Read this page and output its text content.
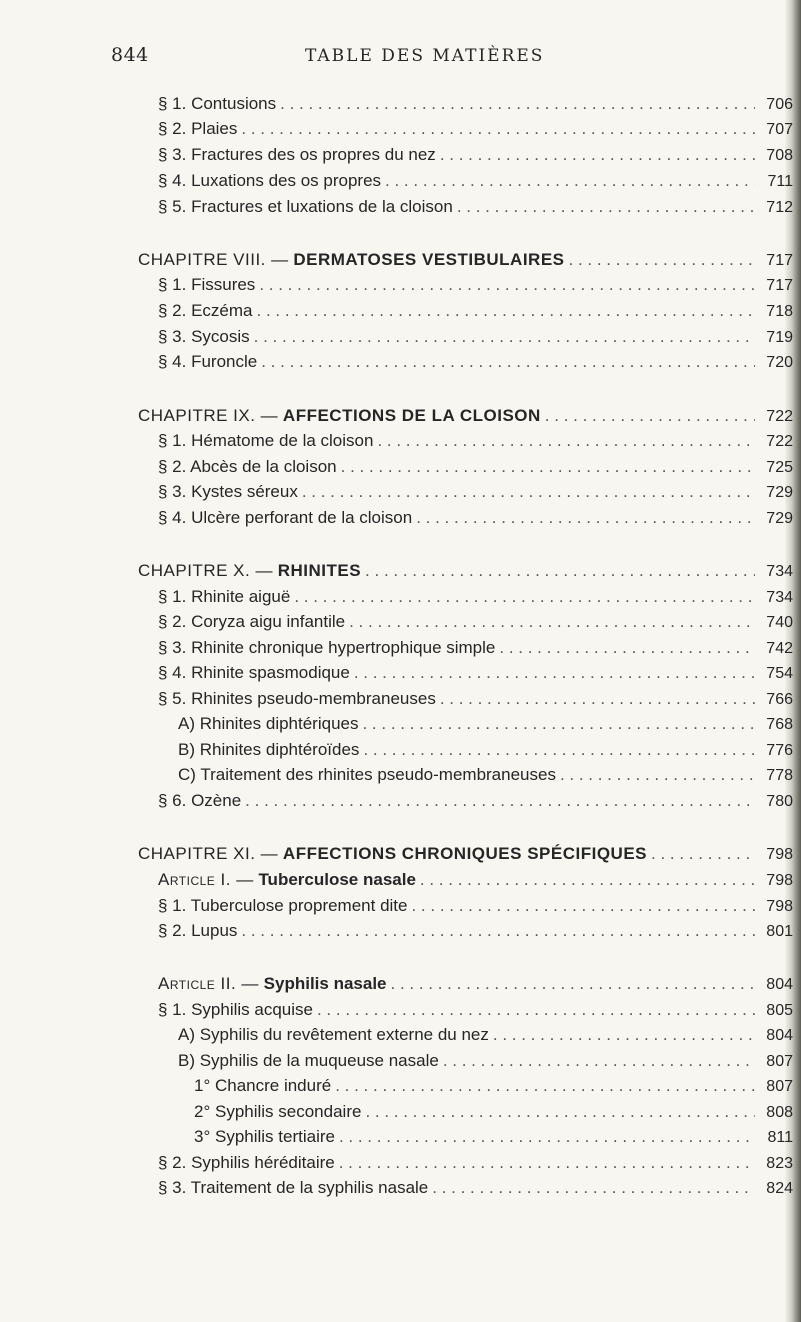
844	TABLE DES MATIÈRES
§ 1. Contusions . . .	706
§ 2. Plaies . . .	707
§ 3. Fractures des os propres du nez . . .	708
§ 4. Luxations des os propres . . .	711
§ 5. Fractures et luxations de la cloison . . .	712
CHAPITRE VIII. — DERMATOSES VESTIBULAIRES . . .	717
§ 1. Fissures . . .	717
§ 2. Eczéma . . .	718
§ 3. Sycosis . . .	719
§ 4. Furoncle . . .	720
CHAPITRE IX. — AFFECTIONS DE LA CLOISON . . .	722
§ 1. Hématome de la cloison . . .	722
§ 2. Abcès de la cloison . . .	725
§ 3. Kystes séreux . . .	729
§ 4. Ulcère perforant de la cloison . . .	729
CHAPITRE X. — RHINITES . . .	734
§ 1. Rhinite aiguë . . .	734
§ 2. Coryza aigu infantile . . .	740
§ 3. Rhinite chronique hypertrophique simple . . .	742
§ 4. Rhinite spasmodique . . .	754
§ 5. Rhinites pseudo-membraneuses . . .	766
A) Rhinites diphtériques . . .	768
B) Rhinites diphtéroïdes . . .	776
C) Traitement des rhinites pseudo-membraneuses . . .	778
§ 6. Ozène . . .	780
CHAPITRE XI. — AFFECTIONS CHRONIQUES SPÉCIFIQUES . . .	798
Article I. — Tuberculose nasale . . .	798
§ 1. Tuberculose proprement dite . . .	798
§ 2. Lupus . . .	801
Article II. — Syphilis nasale . . .	804
§ 1. Syphilis acquise . . .	805
A) Syphilis du revêtement externe du nez . . .	804
B) Syphilis de la muqueuse nasale . . .	807
1° Chancre induré . . .	807
2° Syphilis secondaire . . .	808
3° Syphilis tertiaire . . .	811
§ 2. Syphilis héréditaire . . .	823
§ 3. Traitement de la syphilis nasale . . .	824
